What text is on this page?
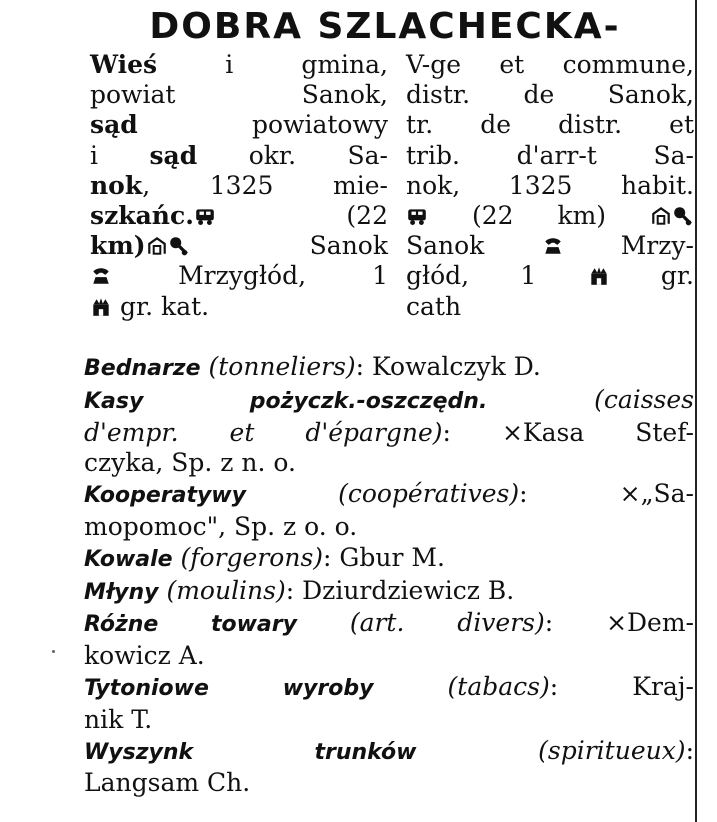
DOBRA SZLACHECKA-
Wieś i gmina,
powiat Sanok,
sąd powiatowy
i sąd okr. Sa-
nok, 1325 mie-
szkańc. (22
km) Sanok
Mrzygłód, 1
gr. kat.
V-ge et commune,
distr. de Sanok,
tr. de distr. et
trib. d'arr-t Sa-
nok, 1325 habit.
(22 km)
Sanok  Mrzy-
głód, 1  gr.
cath
Bednarze (tonneliers): Kowalczyk D.
Kasy pożyczk.-oszczędn.	(caisses
d'empr. et d'épargne): ×Kasa Stef-
czyka, Sp. z n. o.
Kooperatywy	(coopératives): ×„Sa-
mopomoc", Sp. z o. o.
Kowale (forgerons): Gbur M.
Młyny (moulins): Dziurdziewicz B.
Różne towary (art. divers): ×Dem-
kowicz A.
Tytoniowe wyroby	(tabacs): Kraj-
nik T.
Wyszynk trunków	(spiritueux):
Langsam Ch.
